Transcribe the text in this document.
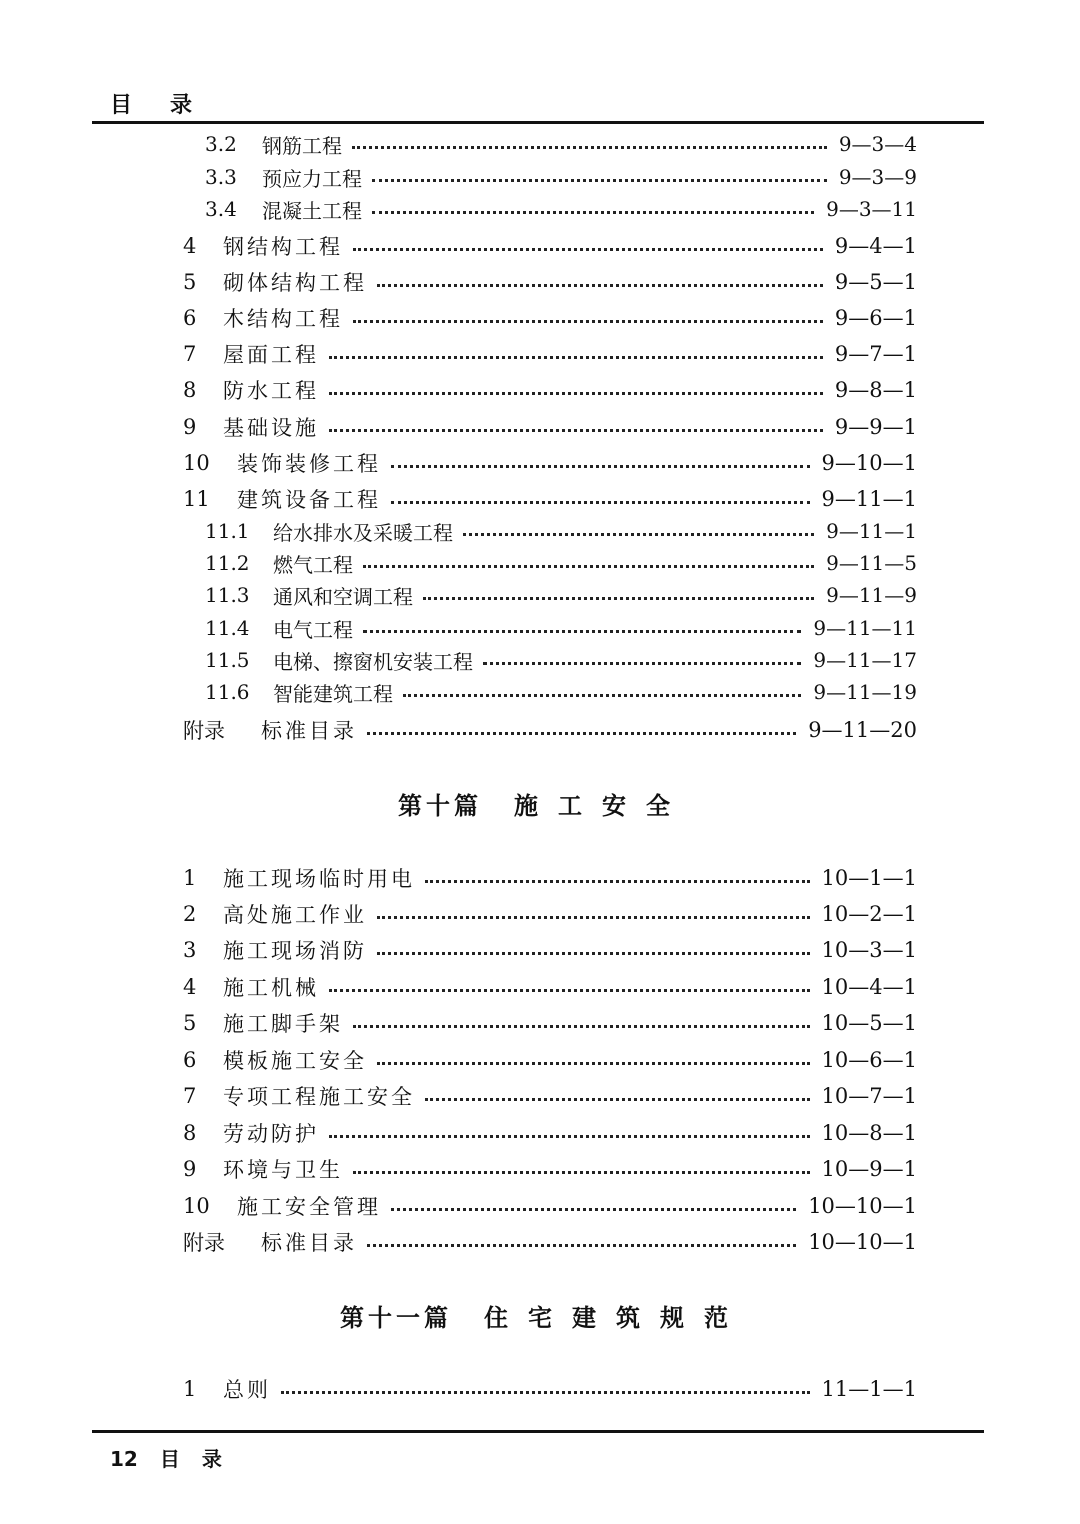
目 录
3.2	钢筋工程	9—3—4
3.3	预应力工程	9—3—9
3.4	混凝土工程	9—3—11
4	钢结构工程	9—4—1
5	砌体结构工程	9—5—1
6	木结构工程	9—6—1
7	屋面工程	9—7—1
8	防水工程	9—8—1
9	基础设施	9—9—1
10	装饰装修工程	9—10—1
11	建筑设备工程	9—11—1
11.1	给水排水及采暖工程	9—11—1
11.2	燃气工程	9—11—5
11.3	通风和空调工程	9—11—9
11.4	电气工程	9—11—11
11.5	电梯、擦窗机安装工程	9—11—17
11.6	智能建筑工程	9—11—19
附录	标准目录	9—11—20
第十篇 施 工 安 全
1	施工现场临时用电	10—1—1
2	高处施工作业	10—2—1
3	施工现场消防	10—3—1
4	施工机械	10—4—1
5	施工脚手架	10—5—1
6	模板施工安全	10—6—1
7	专项工程施工安全	10—7—1
8	劳动防护	10—8—1
9	环境与卫生	10—9—1
10	施工安全管理	10—10—1
附录	标准目录	10—10—1
第十一篇 住 宅 建 筑 规 范
1	总则	11—1—1
12 目 录
